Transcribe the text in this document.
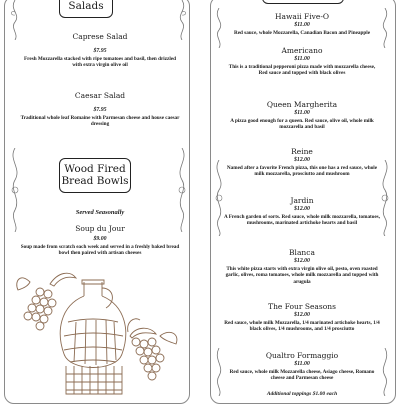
Salads
Caprese Salad
$7.95
Fresh Mozzarella stacked with ripe tomatoes and basil, then drizzled with extra virgin olive oil
Caesar Salad
$7.95
Traditional whole leaf Romaine with Parmesan cheese and house caesar dressing
Wood Fired Bread Bowls
Served Seasonally
Soup du Jour
$9.00
Soup made from scratch each week and served in a freshly baked bread bowl then paired with artisan cheeses
Hawaii Five-O
$11.00
Red sauce, whole Mozzarella, Canadian Bacon and Pineapple
Americano
$11.00
This is a traditional pepperoni pizza made with mozzarella cheese, Red sauce and topped with black olives
Queen Margherita
$11.00
A pizza good enough for a queen. Red sauce, olive oil, whole milk mozzarella and basil
Reine
$12.00
Named after a favorite French pizza, this one has a red sauce, whole milk mozzarella, prosciutto and mushroom
Jardin
$12.00
A French garden of sorts. Red sauce, whole milk mozzarella, tomatoes, mushrooms, marinated artichoke hearts and basil
Blanca
$12.00
This white pizza starts with extra virgin olive oil, pesto, oven roasted garlic, olives, roma tomatoes, whole milk mozzarella and topped with arugula
The Four Seasons
$12.00
Red sauce, whole milk Mozzarella, 1/4 marinated artichoke hearts, 1/4 black olives, 1/4 mushrooms, and 1/4 prosciutto
Qualtro Formaggio
$11.00
Red sauce, whole milk Mozzarella cheese, Asiago cheese, Romano cheese and Parmesan cheese
Additional toppings $1.00 each
